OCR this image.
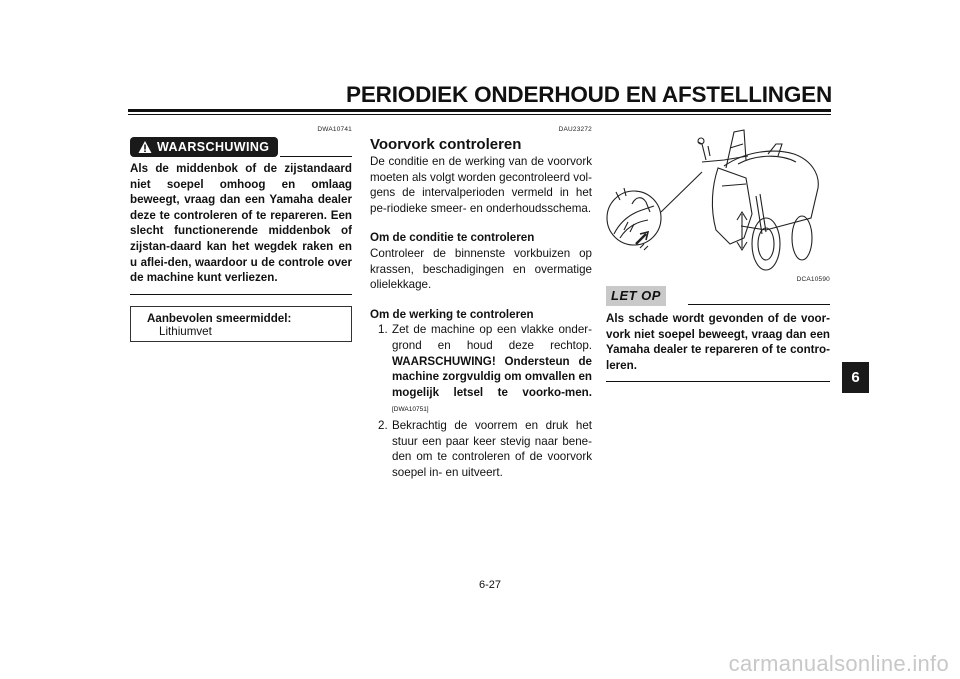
PERIODIEK ONDERHOUD EN AFSTELLINGEN
DWA10741
WAARSCHUWING
Als de middenbok of de zijstandaard niet soepel omhoog en omlaag beweegt, vraag dan een Yamaha dealer deze te controleren of te repareren. Een slecht functionerende middenbok of zijstan-daard kan het wegdek raken en u aflei-den, waardoor u de controle over de machine kunt verliezen.
Aanbevolen smeermiddel:
Lithiumvet
DAU23272
Voorvork controleren
De conditie en de werking van de voorvork moeten als volgt worden gecontroleerd vol-gens de intervalperioden vermeld in het pe-riodieke smeer- en onderhoudsschema.
Om de conditie te controleren
Controleer de binnenste vorkbuizen op krassen, beschadigingen en overmatige olielekkage.
Om de werking te controleren
1. Zet de machine op een vlakke onder-grond en houd deze rechtop. WAARSCHUWING! Ondersteun de machine zorgvuldig om omvallen en mogelijk letsel te voorko-men.[DWA10751]
2. Bekrachtig de voorrem en druk het stuur een paar keer stevig naar bene-den om te controleren of de voorvork soepel in- en uitveert.
DCA10590
LET OP
Als schade wordt gevonden of de voor-vork niet soepel beweegt, vraag dan een Yamaha dealer te repareren of te contro-leren.
6
6-27
carmanualsonline.info
